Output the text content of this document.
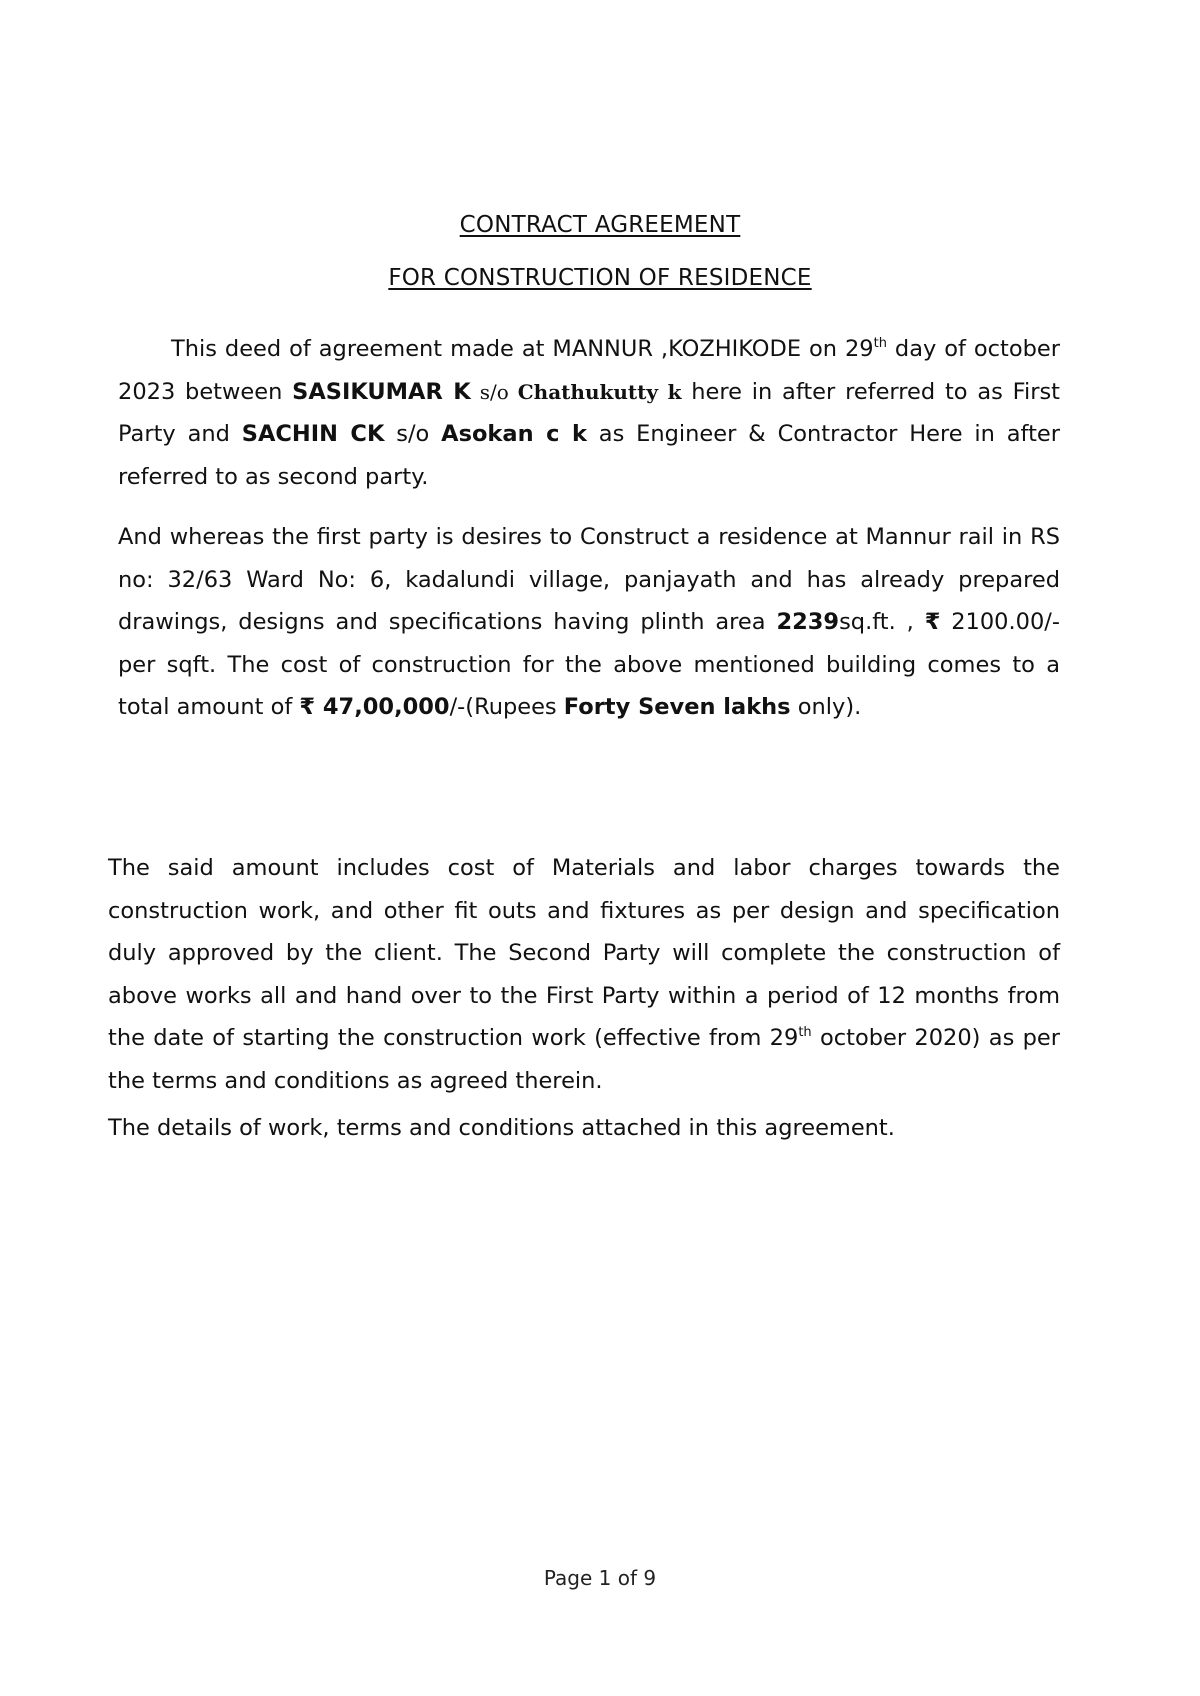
CONTRACT AGREEMENT
FOR CONSTRUCTION OF RESIDENCE

This deed of agreement made at MANNUR ,KOZHIKODE on 29th day of october 2023 between SASIKUMAR K s/o Chathukutty k here in after referred to as First Party and SACHIN CK s/o Asokan c k as Engineer & Contractor Here in after referred to as second party.

And whereas the first party is desires to Construct a residence at Mannur rail in RS no: 32/63 Ward No: 6, kadalundi village, panjayath and has already prepared drawings, designs and specifications having plinth area 2239sq.ft. , ₹ 2100.00/- per sqft. The cost of construction for the above mentioned building comes to a total amount of ₹ 47,00,000/-(Rupees Forty Seven lakhs only).

The said amount includes cost of Materials and labor charges towards the construction work, and other fit outs and fixtures as per design and specification duly approved by the client. The Second Party will complete the construction of above works all and hand over to the First Party within a period of 12 months from the date of starting the construction work (effective from 29th october 2020) as per the terms and conditions as agreed therein.

The details of work, terms and conditions attached in this agreement.

Page 1 of 9
